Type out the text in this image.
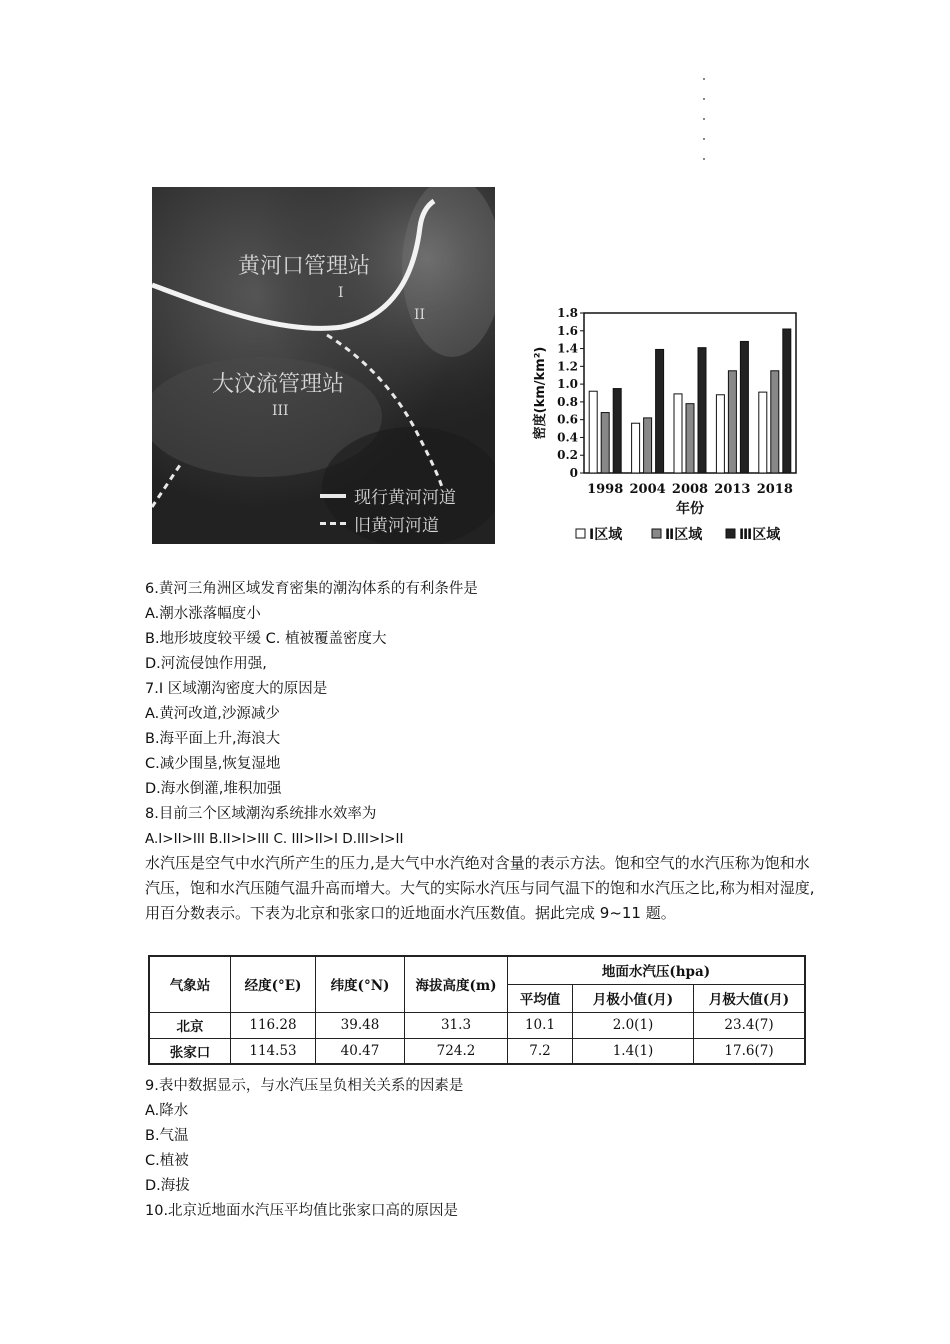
黄河口管理站
I
II
大汶流管理站
III
现行黄河河道
旧黄河河道
0
0.2
0.4
0.6
0.8
1.0
1.2
1.4
1.6
1.8
密度(km/km²)
1998 2004 2008 2013 2018
年份
Ⅰ区域	Ⅱ区域	Ⅲ区域
6.黄河三角洲区域发育密集的潮沟体系的有利条件是
A.潮水涨落幅度小
B.地形坡度较平缓 C. 植被覆盖密度大
D.河流侵蚀作用强,
7.I 区域潮沟密度大的原因是
A.黄河改道,沙源减少
B.海平面上升,海浪大
C.减少围垦,恢复湿地
D.海水倒灌,堆积加强
8.目前三个区域潮沟系统排水效率为
A.I>II>III B.II>I>III C. III>II>I D.III>I>II
水汽压是空气中水汽所产生的压力,是大气中水汽绝对含量的表示方法。饱和空气的水汽压称为饱和水汽压，饱和水汽压随气温升高而增大。大气的实际水汽压与同气温下的饱和水汽压之比,称为相对湿度,用百分数表示。下表为北京和张家口的近地面水汽压数值。据此完成 9~11 题。
气象站	经度(°E)	纬度(°N)	海拔高度(m)	地面水汽压(hpa)		
				平均值	月极小值(月)	月极大值(月)
北京	116.28	39.48	31.3	10.1	2.0(1)	23.4(7)
张家口	114.53	40.47	724.2	7.2	1.4(1)	17.6(7)
9.表中数据显示，与水汽压呈负相关关系的因素是
A.降水
B.气温
C.植被
D.海拔
10.北京近地面水汽压平均值比张家口高的原因是
